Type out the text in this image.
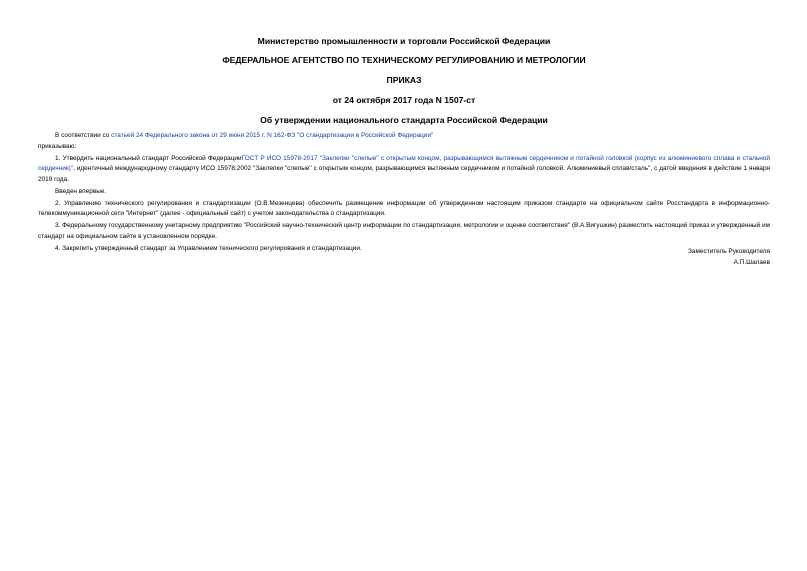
Министерство промышленности и торговли Российской Федерации
ФЕДЕРАЛЬНОЕ АГЕНТСТВО ПО ТЕХНИЧЕСКОМУ РЕГУЛИРОВАНИЮ И МЕТРОЛОГИИ
ПРИКАЗ
от 24 октября 2017 года N 1507-ст
Об утверждении национального стандарта Российской Федерации

В соответствии со статьей 24 Федерального закона от 29 июня 2015 г. N 162-ФЗ "О стандартизации в Российской Федерации"

приказываю:

1. Утвердить национальный стандарт Российской ФедерацииГОСТ Р ИСО 15978-2017 "Заклепки "слепые" с открытым концом, разрывающимся вытяжным сердечником и потайной головкой (корпус из алюминиевого сплава и стальной сердечник)", идентичный международному стандарту ИСО 15978:2002 "Заклепки "слепые" с открытым концом, разрывающимся вытяжным сердечником и потайной головкой. Алюминиевый сплав/сталь", с датой введения в действие 1 января 2019 года.

Введен впервые.

2. Управлению технического регулирования и стандартизации (О.В.Мезенцева) обеспечить размещение информации об утвержденном настоящим приказом стандарте на официальном сайте Росстандарта в информационно-телекоммуникационной сети "Интернет" (далее - официальный сайт) с учетом законодательства о стандартизации.

3. Федеральному государственному унитарному предприятию "Российский научно-технический центр информации по стандартизации, метрологии и оценке соответствия" (В.А.Вигушкин) разместить настоящий приказ и утвержденный им стандарт на официальном сайте в установленном порядке.

4. Закрепить утвержденный стандарт за Управлением технического регулирования и стандартизации.	Заместитель Руководителя
А.П.Шалаев
